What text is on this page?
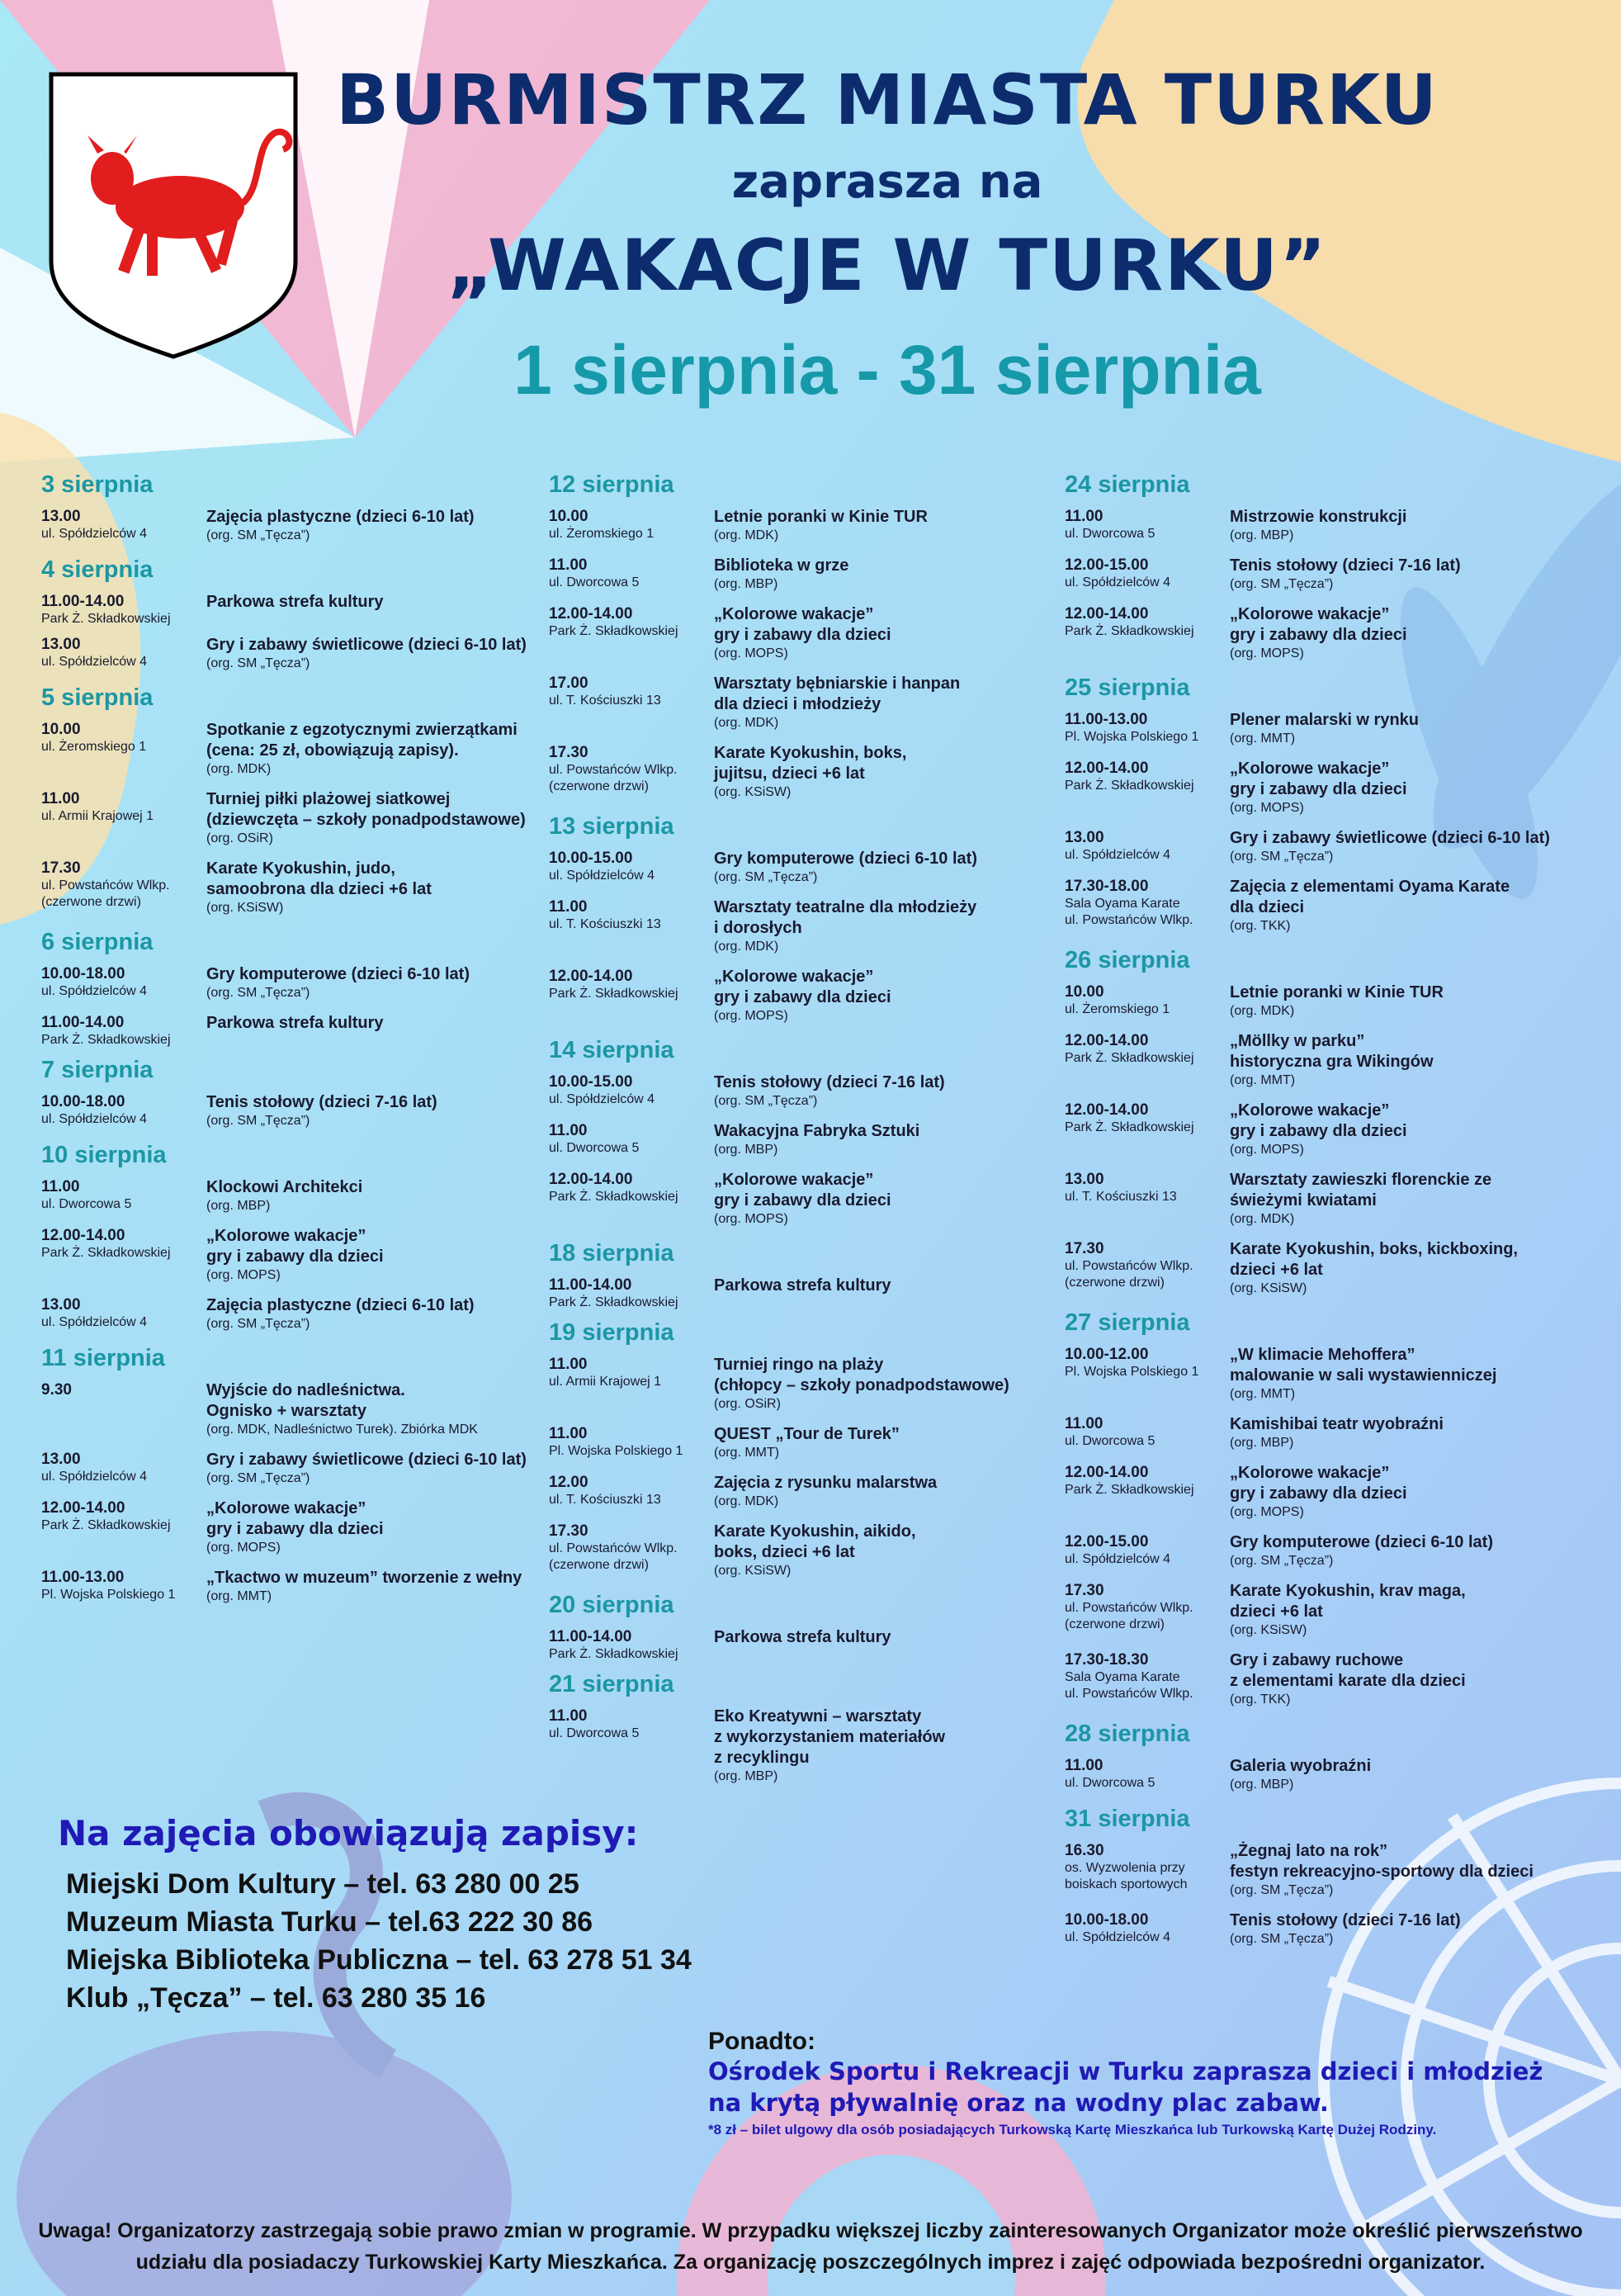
BURMISTRZ MIASTA TURKU
zaprasza na
„WAKACJE W TURKU”
1 sierpnia - 31 sierpnia

3 sierpnia

13.00
ul. Spółdzielców 4
Zajęcia plastyczne (dzieci 6-10 lat)
(org. SM „Tęcza”)

4 sierpnia

11.00-14.00
Park Ż. Składkowskiej
Parkowa strefa kultury
13.00
ul. Spółdzielców 4
Gry i zabawy świetlicowe (dzieci 6-10 lat)
(org. SM „Tęcza”)

5 sierpnia

10.00
ul. Żeromskiego 1
Spotkanie z egzotycznymi zwierzątkami
(cena: 25 zł, obowiązują zapisy).
(org. MDK)
11.00
ul. Armii Krajowej 1
Turniej piłki plażowej siatkowej
(dziewczęta – szkoły ponadpodstawowe)
(org. OSiR)
17.30
ul. Powstańców Wlkp.
(czerwone drzwi)
Karate Kyokushin, judo,
samoobrona dla dzieci +6 lat
(org. KSiSW)

6 sierpnia

10.00-18.00
ul. Spółdzielców 4
Gry komputerowe (dzieci 6-10 lat)
(org. SM „Tęcza”)
11.00-14.00
Park Ż. Składkowskiej
Parkowa strefa kultury

7 sierpnia

10.00-18.00
ul. Spółdzielców 4
Tenis stołowy (dzieci 7-16 lat)
(org. SM „Tęcza”)

10 sierpnia

11.00
ul. Dworcowa 5
Klockowi Architekci
(org. MBP)
12.00-14.00
Park Ż. Składkowskiej
„Kolorowe wakacje”
gry i zabawy dla dzieci
(org. MOPS)
13.00
ul. Spółdzielców 4
Zajęcia plastyczne (dzieci 6-10 lat)
(org. SM „Tęcza”)

11 sierpnia

9.30	Wyjście do nadleśnictwa.
Ognisko + warsztaty
(org. MDK, Nadleśnictwo Turek). Zbiórka MDK
13.00
ul. Spółdzielców 4
Gry i zabawy świetlicowe (dzieci 6-10 lat)
(org. SM „Tęcza”)
12.00-14.00
Park Ż. Składkowskiej
„Kolorowe wakacje”
gry i zabawy dla dzieci
(org. MOPS)
11.00-13.00
Pl. Wojska Polskiego 1
„Tkactwo w muzeum” tworzenie z wełny
(org. MMT)

12 sierpnia

10.00
ul. Żeromskiego 1
Letnie poranki w Kinie TUR
(org. MDK)
11.00
ul. Dworcowa 5
Biblioteka w grze
(org. MBP)
12.00-14.00
Park Ż. Składkowskiej
„Kolorowe wakacje”
gry i zabawy dla dzieci
(org. MOPS)
17.00
ul. T. Kościuszki 13
Warsztaty bębniarskie i hanpan
dla dzieci i młodzieży
(org. MDK)
17.30
ul. Powstańców Wlkp.
(czerwone drzwi)
Karate Kyokushin, boks,
jujitsu, dzieci +6 lat
(org. KSiSW)

13 sierpnia

10.00-15.00
ul. Spółdzielców 4
Gry komputerowe (dzieci 6-10 lat)
(org. SM „Tęcza”)
11.00
ul. T. Kościuszki 13
Warsztaty teatralne dla młodzieży
i dorosłych
(org. MDK)
12.00-14.00
Park Ż. Składkowskiej
„Kolorowe wakacje”
gry i zabawy dla dzieci
(org. MOPS)

14 sierpnia

10.00-15.00
ul. Spółdzielców 4
Tenis stołowy (dzieci 7-16 lat)
(org. SM „Tęcza”)
11.00
ul. Dworcowa 5
Wakacyjna Fabryka Sztuki
(org. MBP)
12.00-14.00
Park Ż. Składkowskiej
„Kolorowe wakacje”
gry i zabawy dla dzieci
(org. MOPS)

18 sierpnia

11.00-14.00
Park Ż. Składkowskiej
Parkowa strefa kultury

19 sierpnia

11.00
ul. Armii Krajowej 1
Turniej ringo na plaży
(chłopcy – szkoły ponadpodstawowe)
(org. OSiR)
11.00
Pl. Wojska Polskiego 1
QUEST „Tour de Turek”
(org. MMT)
12.00
ul. T. Kościuszki 13
Zajęcia z rysunku malarstwa
(org. MDK)
17.30
ul. Powstańców Wlkp.
(czerwone drzwi)
Karate Kyokushin, aikido,
boks, dzieci +6 lat
(org. KSiSW)

20 sierpnia

11.00-14.00
Park Ż. Składkowskiej
Parkowa strefa kultury

21 sierpnia

11.00
ul. Dworcowa 5
Eko Kreatywni – warsztaty
z wykorzystaniem materiałów
z recyklingu
(org. MBP)

24 sierpnia

11.00
ul. Dworcowa 5
Mistrzowie konstrukcji
(org. MBP)
12.00-15.00
ul. Spółdzielców 4
Tenis stołowy (dzieci 7-16 lat)
(org. SM „Tęcza”)
12.00-14.00
Park Ż. Składkowskiej
„Kolorowe wakacje”
gry i zabawy dla dzieci
(org. MOPS)

25 sierpnia

11.00-13.00
Pl. Wojska Polskiego 1
Plener malarski w rynku
(org. MMT)
12.00-14.00
Park Ż. Składkowskiej
„Kolorowe wakacje”
gry i zabawy dla dzieci
(org. MOPS)
13.00
ul. Spółdzielców 4
Gry i zabawy świetlicowe (dzieci 6-10 lat)
(org. SM „Tęcza”)
17.30-18.00
Sala Oyama Karate
ul. Powstańców Wlkp.
Zajęcia z elementami Oyama Karate
dla dzieci
(org. TKK)

26 sierpnia

10.00
ul. Żeromskiego 1
Letnie poranki w Kinie TUR
(org. MDK)
12.00-14.00
Park Ż. Składkowskiej
„Mӧllky w parku”
historyczna gra Wikingów
(org. MMT)
12.00-14.00
Park Ż. Składkowskiej
„Kolorowe wakacje”
gry i zabawy dla dzieci
(org. MOPS)
13.00
ul. T. Kościuszki 13
Warsztaty zawieszki florenckie ze
świeżymi kwiatami
(org. MDK)
17.30
ul. Powstańców Wlkp.
(czerwone drzwi)
Karate Kyokushin, boks, kickboxing,
dzieci +6 lat
(org. KSiSW)

27 sierpnia

10.00-12.00
Pl. Wojska Polskiego 1
„W klimacie Mehoffera”
malowanie w sali wystawienniczej
(org. MMT)
11.00
ul. Dworcowa 5
Kamishibai teatr wyobraźni
(org. MBP)
12.00-14.00
Park Ż. Składkowskiej
„Kolorowe wakacje”
gry i zabawy dla dzieci
(org. MOPS)
12.00-15.00
ul. Spółdzielców 4
Gry komputerowe (dzieci 6-10 lat)
(org. SM „Tęcza”)
17.30
ul. Powstańców Wlkp.
(czerwone drzwi)
Karate Kyokushin, krav maga,
dzieci +6 lat
(org. KSiSW)
17.30-18.30
Sala Oyama Karate
ul. Powstańców Wlkp.
Gry i zabawy ruchowe
z elementami karate dla dzieci
(org. TKK)

28 sierpnia

11.00
ul. Dworcowa 5
Galeria wyobraźni
(org. MBP)

31 sierpnia

16.30
os. Wyzwolenia przy
boiskach sportowych
„Żegnaj lato na rok”
festyn rekreacyjno-sportowy dla dzieci
(org. SM „Tęcza”)
10.00-18.00
ul. Spółdzielców 4
Tenis stołowy (dzieci 7-16 lat)
(org. SM „Tęcza”)

Na zajęcia obowiązują zapisy:

Miejski Dom Kultury – tel. 63 280 00 25

Muzeum Miasta Turku – tel.63 222 30 86

Miejska Biblioteka Publiczna – tel. 63 278 51 34

Klub „Tęcza” – tel. 63 280 35 16

Ponadto:

Ośrodek Sportu i Rekreacji w Turku zaprasza dzieci i młodzież
na krytą pływalnię oraz na wodny plac zabaw.

*8 zł – bilet ulgowy dla osób posiadających Turkowską Kartę Mieszkańca lub Turkowską Kartę Dużej Rodziny.

Uwaga! Organizatorzy zastrzegają sobie prawo zmian w programie. W przypadku większej liczby zainteresowanych Organizator może określić pierwszeństwo udziału dla posiadaczy Turkowskiej Karty Mieszkańca. Za organizację poszczególnych imprez i zajęć odpowiada bezpośredni organizator.
